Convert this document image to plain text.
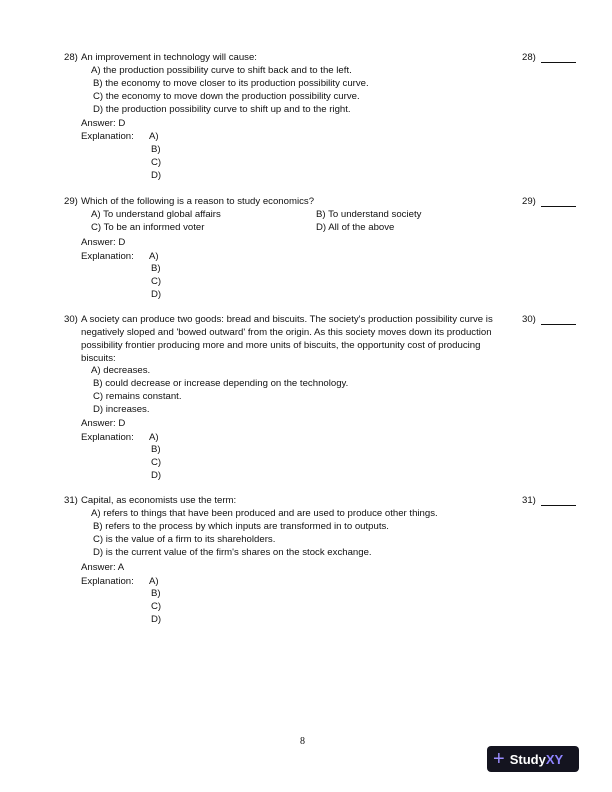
28) An improvement in technology will cause:
A) the production possibility curve to shift back and to the left.
B) the economy to move closer to its production possibility curve.
C) the economy to move down the production possibility curve.
D) the production possibility curve to shift up and to the right.
Answer: D
Explanation: A)
B)
C)
D)
28)
29) Which of the following is a reason to study economics?
A) To understand global affairs	B) To understand society
C) To be an informed voter	D) All of the above
Answer: D
Explanation: A)
B)
C)
D)
29)
30) A society can produce two goods: bread and biscuits. The society's production possibility curve is
negatively sloped and 'bowed outward' from the origin. As this society moves down its production
possibility frontier producing more and more units of biscuits, the opportunity cost of producing
biscuits:
A) decreases.
B) could decrease or increase depending on the technology.
C) remains constant.
D) increases.
Answer: D
Explanation: A)
B)
C)
D)
30)
31) Capital, as economists use the term:
A) refers to things that have been produced and are used to produce other things.
B) refers to the process by which inputs are transformed in to outputs.
C) is the value of a firm to its shareholders.
D) is the current value of the firm's shares on the stock exchange.
Answer: A
Explanation: A)
B)
C)
D)
31)
8
+ Study XY
